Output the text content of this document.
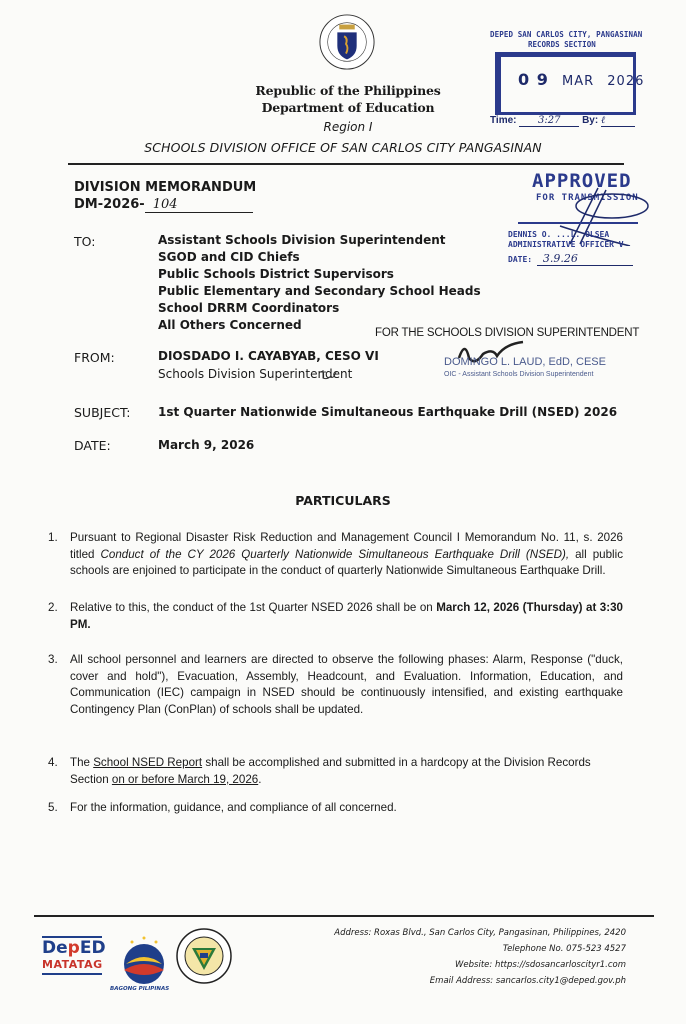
Republic of the Philippines
Department of Education
Region I
SCHOOLS DIVISION OFFICE OF SAN CARLOS CITY PANGASINAN
DEPED SAN CARLOS CITY, PANGASINAN
RECORDS SECTION
0 9 MAR 2026
Time: 3:27 By: ℓ
APPROVED
FOR TRANSMISSION
DENNIS O. ...L. OLSEA
ADMINISTRATIVE OFFICER V
DATE: 3.9.26
DIVISION MEMORANDUM
DM-2026- 104
TO:	Assistant Schools Division Superintendent
SGOD and CID Chiefs
Public Schools District Supervisors
Public Elementary and Secondary School Heads
School DRRM Coordinators
All Others Concerned
FOR THE SCHOOLS DIVISION SUPERINTENDENT
DOMINGO L. LAUD, EdD, CESE
OIC - Assistant Schools Division Superintendent
FROM:	DIOSDADO I. CAYABYAB, CESO VI
Schools Division Superintendent
SUBJECT: 1st Quarter Nationwide Simultaneous Earthquake Drill (NSED) 2026
DATE:	March 9, 2026
PARTICULARS
1. Pursuant to Regional Disaster Risk Reduction and Management Council I Memorandum No. 11, s. 2026 titled Conduct of the CY 2026 Quarterly Nationwide Simultaneous Earthquake Drill (NSED), all public schools are enjoined to participate in the conduct of quarterly Nationwide Simultaneous Earthquake Drill.
2. Relative to this, the conduct of the 1st Quarter NSED 2026 shall be on March 12, 2026 (Thursday) at 3:30 PM.
3. All school personnel and learners are directed to observe the following phases: Alarm, Response ("duck, cover and hold"), Evacuation, Assembly, Headcount, and Evaluation. Information, Education, and Communication (IEC) campaign in NSED should be continuously intensified, and existing earthquake Contingency Plan (ConPlan) of schools shall be updated.
4. The School NSED Report shall be accomplished and submitted in a hardcopy at the Division Records Section on or before March 19, 2026.
5. For the information, guidance, and compliance of all concerned.
DepED
MATATAG
BAGONG PILIPINAS
Address: Roxas Blvd., San Carlos City, Pangasinan, Philippines, 2420
Telephone No. 075-523 4527
Website: https://sdosancarloscityr1.com
Email Address: sancarlos.city1@deped.gov.ph
